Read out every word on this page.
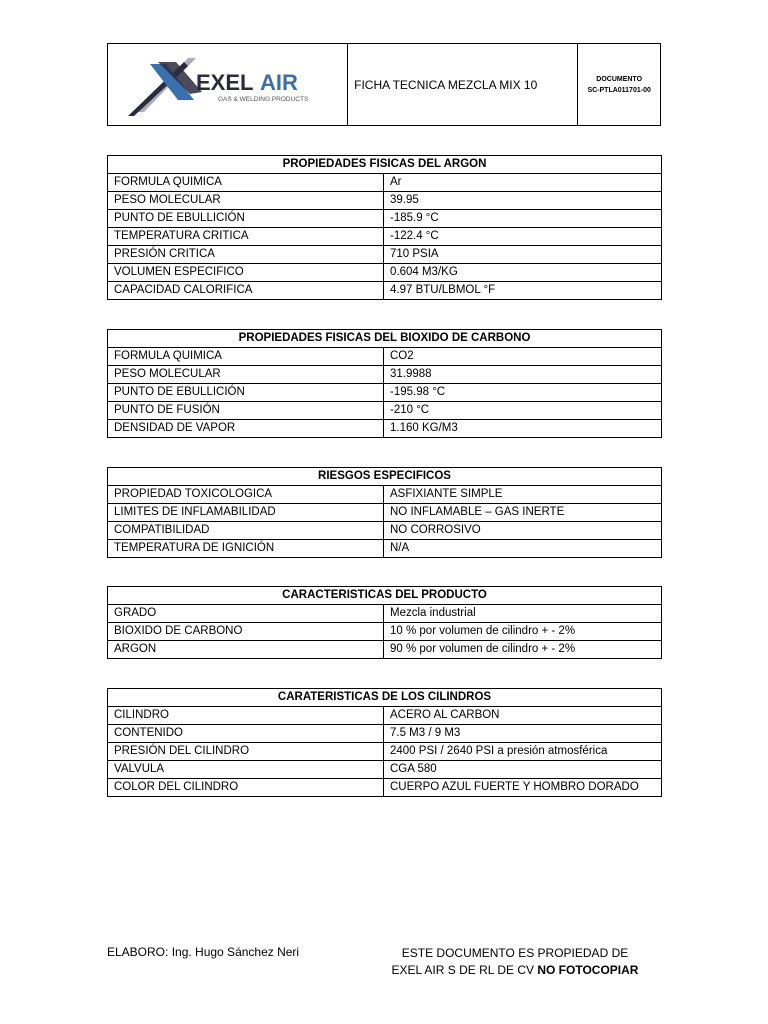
EXEL AIR
GAS & WELDING PRODUCTS
FICHA TECNICA MEZCLA MIX 10	DOCUMENTO
SC-PTLA011701-00
PROPIEDADES FISICAS DEL ARGON	
FORMULA QUIMICA	Ar
PESO MOLECULAR	39.95
PUNTO DE EBULLICIÓN	-185.9 °C
TEMPERATURA CRITICA	-122.4 °C
PRESIÓN CRITICA	710 PSIA
VOLUMEN ESPECIFICO	0.604 M3/KG
CAPACIDAD CALORIFICA	4.97 BTU/LBMOL °F
PROPIEDADES FISICAS DEL BIOXIDO DE CARBONO	
FORMULA QUIMICA	CO2
PESO MOLECULAR	31.9988
PUNTO DE EBULLICIÓN	-195.98 °C
PUNTO DE FUSIÓN	-210 °C
DENSIDAD DE VAPOR	1.160 KG/M3
RIESGOS ESPECIFICOS	
PROPIEDAD TOXICOLOGICA	ASFIXIANTE SIMPLE
LIMITES DE INFLAMABILIDAD	NO INFLAMABLE – GAS INERTE
COMPATIBILIDAD	NO CORROSIVO
TEMPERATURA DE IGNICIÓN	N/A
CARACTERISTICAS DEL PRODUCTO	
GRADO	Mezcla industrial
BIOXIDO DE CARBONO	10 % por volumen de cilindro + - 2%
ARGON	90 % por volumen de cilindro + - 2%
CARATERISTICAS DE LOS CILINDROS	
CILINDRO	ACERO AL CARBON
CONTENIDO	7.5 M3 / 9 M3
PRESIÓN DEL CILINDRO	2400 PSI / 2640 PSI a presión atmosférica
VALVULA	CGA 580
COLOR DEL CILINDRO	CUERPO AZUL FUERTE Y HOMBRO DORADO
ELABORO: Ing. Hugo Sánchez Neri	ESTE DOCUMENTO ES PROPIEDAD DE
EXEL AIR S DE RL DE CV NO FOTOCOPIAR
